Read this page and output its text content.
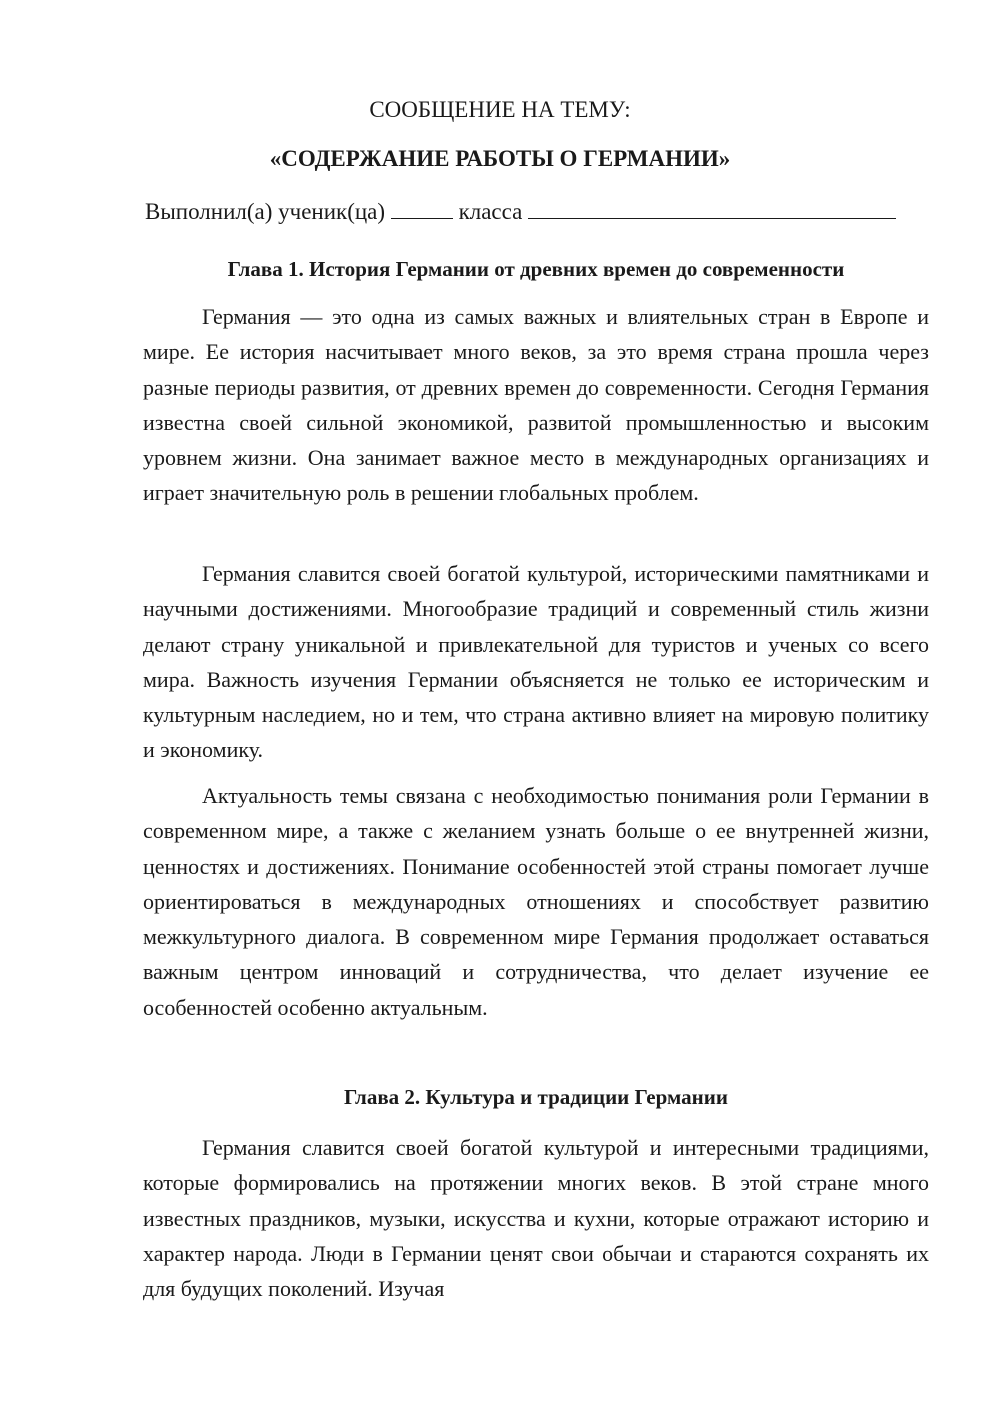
СООБЩЕНИЕ НА ТЕМУ:
«СОДЕРЖАНИЕ РАБОТЫ О ГЕРМАНИИ»
Выполнил(а) ученик(ца)	класса
Глава 1. История Германии от древних времен до современности

Германия — это одна из самых важных и влиятельных стран в Европе и мире. Ее история насчитывает много веков, за это время страна прошла через разные периоды развития, от древних времен до современности. Сегодня Германия известна своей сильной экономикой, развитой промышленностью и высоким уровнем жизни. Она занимает важное место в международных организациях и играет значительную роль в решении глобальных проблем.

Германия славится своей богатой культурой, историческими памятниками и научными достижениями. Многообразие традиций и современный стиль жизни делают страну уникальной и привлекательной для туристов и ученых со всего мира. Важность изучения Германии объясняется не только ее историческим и культурным наследием, но и тем, что страна активно влияет на мировую политику и экономику.

Актуальность темы связана с необходимостью понимания роли Германии в современном мире, а также с желанием узнать больше о ее внутренней жизни, ценностях и достижениях. Понимание особенностей этой страны помогает лучше ориентироваться в международных отношениях и способствует развитию межкультурного диалога. В современном мире Германия продолжает оставаться важным центром инноваций и сотрудничества, что делает изучение ее особенностей особенно актуальным.

Глава 2. Культура и традиции Германии

Германия славится своей богатой культурой и интересными традициями, которые формировались на протяжении многих веков. В этой стране много известных праздников, музыки, искусства и кухни, которые отражают историю и характер народа. Люди в Германии ценят свои обычаи и стараются сохранять их для будущих поколений. Изучая
